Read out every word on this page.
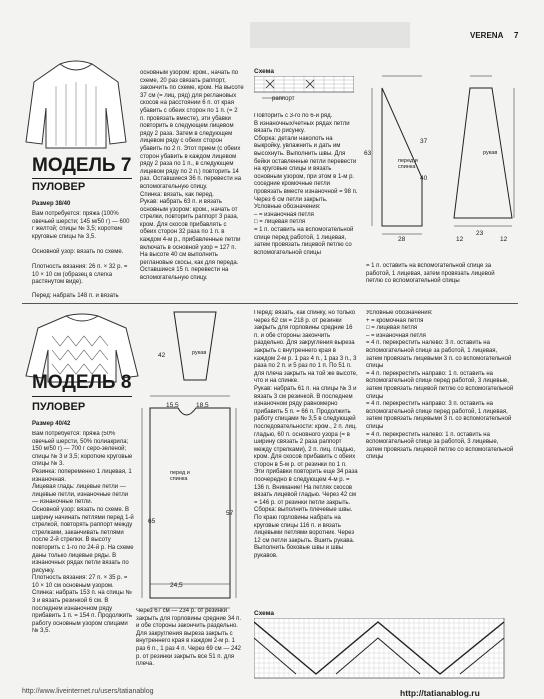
VERENA 7
МОДЕЛЬ 7
ПУЛОВЕР
Размер 38/40
Вам потребуется: пряжа (100% овечьей шерсти; 145 м/50 г) — 600 г желтой; спицы № 3,5; короткие круговые спицы № 3,5.
Основной узор: вязать по схеме.
Плотность вязания: 26 п. × 32 р. = 10 × 10 см (образец в слегка растянутом виде).
Перед: набрать 148 п. и вязать
основным узором: кром., начать по схеме, 20 раз связать раппорт, закончить по схеме, кром. На высоте 37 см (= лиц. ряд) для реглановых скосов на расстоянии 6 п. от края убавить с обеих сторон по 1 п. (= 2 п. провязать вместе), эти убавки повторить в следующем лицевом ряду 2 раза. Затем в следующем лицевом ряду с обеих сторон убавить по 2 п. Этот прием (с обеих сторон убавить в каждом лицевом ряду 2 раза по 1 п., в следующем лицевом ряду по 2 п.) повторить 14 раз. Оставшиеся 36 п. перевести на вспомогательную спицу.
Спинка: вязать, как перед.
Рукав: набрать 63 п. и вязать основным узором: кром., начать от стрелки, повторить раппорт 3 раза, кром. Для скосов прибавлять с обеих сторон 32 раза по 1 п. в каждом 4-м р., прибавленные петли включать в основной узор = 127 п. На высоте 40 см выполнить реглановые скосы, как для переда. Оставшиеся 15 п. перевести на вспомогательную спицу.
Схема
раппорт
Повторить с 3-го по 6-й ряд.
В изнаночных/четных рядах петли вязать по рисунку.
Сборка: детали наколоть на выкройку, увлажнить и дать им высохнуть. Выполнить швы. Для бейки оставленные петли перевести на круговые спицы и вязать основным узором, при этом в 1-м р. соседние кромочные петли провязать вместе изнаночной = 98 п. Через 6 см петли закрыть.
Условные обозначения:
– = изнаночная петля
□ = лицевая петля
= 1 п. оставить на вспомогательной спице перед работой, 1 лицевая, затем провязать лицевой петлю со вспомогательной спицы
= 1 п. оставить на вспомогательной спице за работой, 1 лицевая, затем провязать лицевой петлю со вспомогательной спицы
перед и спинка
рукав
63
37
40
28
23
12	12
МОДЕЛЬ 8
ПУЛОВЕР
Размер 40/42
Вам потребуется: пряжа (50% овечьей шерсти, 50% полиакрила; 150 м/50 г) — 700 г серо-зеленой; спицы № 3 и 3,5; короткие круговые спицы № 3.
Резинка: попеременно 1 лицевая, 1 изнаночная.
Лицевая гладь: лицевые петли — лицевые петли, изнаночные петли — изнаночные петли.
Основной узор: вязать по схеме. В ширину начинать петлями перед 1-й стрелкой, повторять раппорт между стрелками, заканчивать петлями после 2-й стрелки. В высоту повторить с 1-го по 24-й р. На схеме даны только лицевые ряды. В изнаночных рядах петли вязать по рисунку.
Плотность вязания: 27 п. × 35 р. = 10 × 10 см основным узором.
Спинка: набрать 153 п. на спицы № 3 и вязать резинкой 6 см. В последнем изнаночном ряду прибавить 1 п. = 154 п. Продолжить работу основным узором спицами № 3,5.
рукав
перед и спинка
42
15,5	18,5
65
57
24,5
Через 67 см — 234 р. от резинки закрыть для горловины средние 34 п. и обе стороны закончить раздельно. Для закругления выреза закрыть с внутреннего края в каждом 2-м р. 1 раз 6 п., 1 раз 4 п. Через 69 см — 242 р. от резинки закрыть все 51 п. для плеча.
Перед: вязать, как спинку, но только через 62 см = 218 р. от резинки закрыть для горловины средние 16 п. и обе стороны закончить раздельно. Для закругления выреза закрыть с внутреннего края в каждом 2-м р. 1 раз 4 п., 1 раз 3 п., 3 раза по 2 п. и 5 раз по 1 п. По 51 п. для плеча закрыть на той же высоте, что и на спинке.
Рукав: набрать 61 п. на спицы № 3 и вязать 3 см резинкой. В последнем изнаночном ряду равномерно прибавить 5 п. = 66 п. Продолжить работу спицами № 3,5 в следующей последовательности: кром., 2 п. лиц. гладью, 60 п. основного узора (= в ширину связать 2 раза раппорт между стрелками), 2 п. лиц. гладью, кром. Для скосов прибавить с обеих сторон в 5-м р. от резинки по 1 п. Эти прибавки повторить еще 34 раза поочередно в следующем 4-м р. = 136 п. Внимание! На петлях скосов вязать лицевой гладью. Через 42 см = 146 р. от резинки петли закрыть.
Сборка: выполнить плечевые швы. По краю горловины набрать на круговые спицы 116 п. и вязать лицевыми петлями воротник. Через 12 см петли закрыть. Вшить рукава. Выполнить боковые швы и швы рукавов.
Условные обозначения:
+ = кромочная петля
□ = лицевая петля
– = изнаночная петля
= 4 п. перекрестить налево: 3 п. оставить на вспомогательной спице за работой, 1 лицевая, затем провязать лицевыми 3 п. со вспомогательной спицы
= 4 п. перекрестить направо: 1 п. оставить на вспомогательной спице перед работой, 3 лицевые, затем провязать лицевой петлю со вспомогательной спицы
= 4 п. перекрестить направо: 3 п. оставить на вспомогательной спице перед работой, 1 лицевая, затем провязать лицевыми 3 п. со вспомогательной спицы
= 4 п. перекрестить налево: 1 п. оставить на вспомогательной спице за работой, 3 лицевые, затем провязать лицевой петлю со вспомогательной спицы
Схема
http://www.liveinternet.ru/users/tatianablog	http://tatianablog.ru
